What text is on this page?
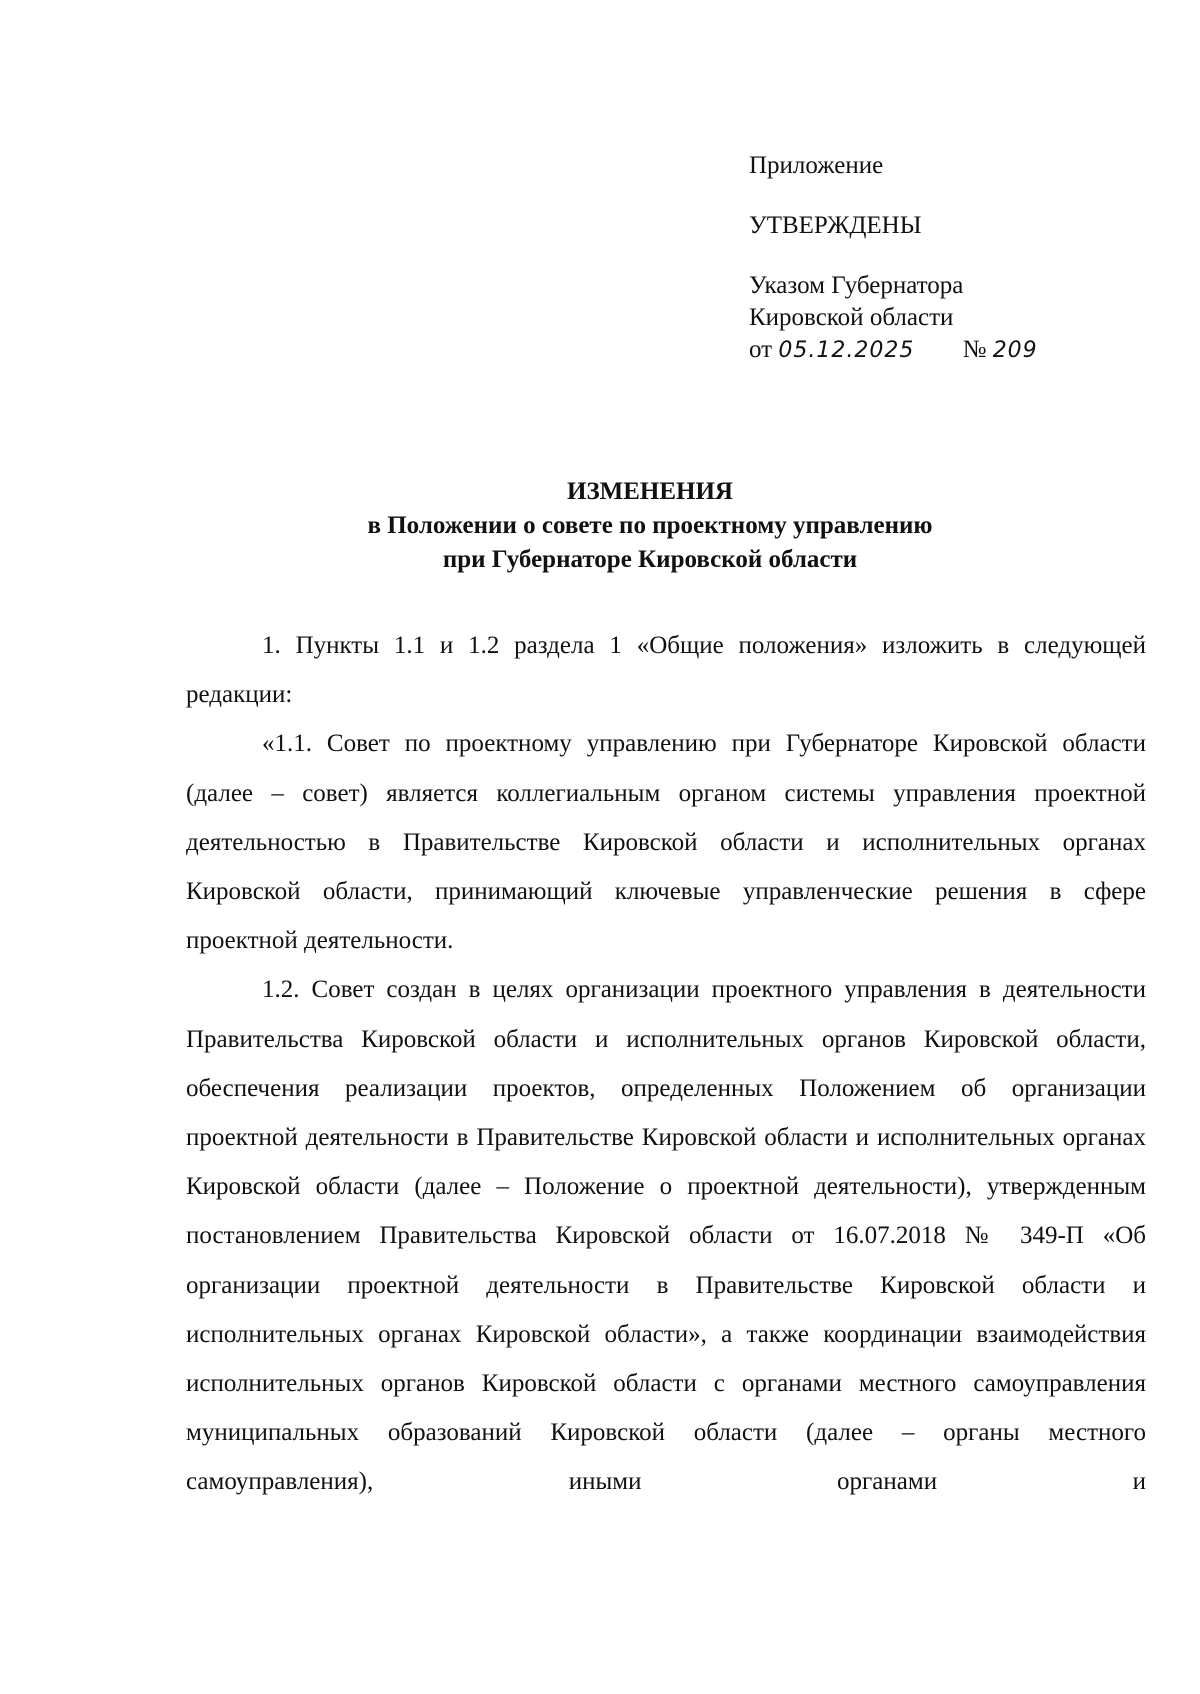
Приложение
УТВЕРЖДЕНЫ
Указом Губернатора
Кировской области
от 05.12.2025 № 209
ИЗМЕНЕНИЯ
в Положении о совете по проектному управлению
при Губернаторе Кировской области

1. Пункты 1.1 и 1.2 раздела 1 «Общие положения» изложить в следующей редакции:

«1.1. Совет по проектному управлению при Губернаторе Кировской области (далее – совет) является коллегиальным органом системы управления проектной деятельностью в Правительстве Кировской области и исполнительных органах Кировской области, принимающий ключевые управленческие решения в сфере проектной деятельности.

1.2. Совет создан в целях организации проектного управления в деятельности Правительства Кировской области и исполнительных органов Кировской области, обеспечения реализации проектов, определенных Положением об организации проектной деятельности в Правительстве Кировской области и исполнительных органах Кировской области (далее – Положение о проектной деятельности), утвержденным постановлением Правительства Кировской области от 16.07.2018 № 349-П «Об организации проектной деятельности в Правительстве Кировской области и исполнительных органах Кировской области», а также координации взаимодействия исполнительных органов Кировской области с органами местного самоуправления муниципальных образований Кировской области (далее – органы местного самоуправления), иными органами и
